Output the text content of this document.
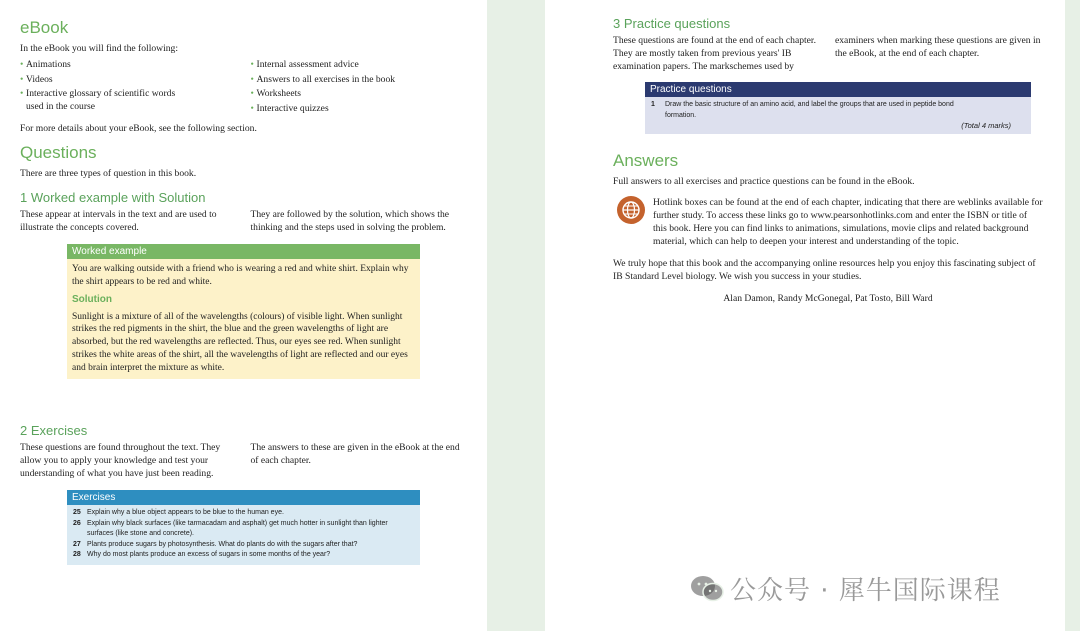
eBook

In the eBook you will find the following:

• Animations
• Videos
• Interactive glossary of scientific words used in the course
• Internal assessment advice
• Answers to all exercises in the book
• Worksheets
• Interactive quizzes

For more details about your eBook, see the following section.

Questions

There are three types of question in this book.

1 Worked example with Solution

These appear at intervals in the text and are used to illustrate the concepts covered.

They are followed by the solution, which shows the thinking and the steps used in solving the problem.

2 Exercises

These questions are found throughout the text. They allow you to apply your knowledge and test your understanding of what you have just been reading.

The answers to these are given in the eBook at the end of each chapter.

Worked example

You are walking outside with a friend who is wearing a red and white shirt. Explain why the shirt appears to be red and white.

Solution

Sunlight is a mixture of all of the wavelengths (colours) of visible light. When sunlight strikes the red pigments in the shirt, the blue and the green wavelengths of light are absorbed, but the red wavelengths are reflected. Thus, our eyes see red. When sunlight strikes the white areas of the shirt, all the wavelengths of light are reflected and our eyes and brain interpret the mixture as white.

Exercises
25 Explain why a blue object appears to be blue to the human eye.
26 Explain why black surfaces (like tarmacadam and asphalt) get much hotter in sunlight than lighter surfaces (like stone and concrete).
27 Plants produce sugars by photosynthesis. What do plants do with the sugars after that?
28 Why do most plants produce an excess of sugars in some months of the year?
3 Practice questions

These questions are found at the end of each chapter. They are mostly taken from previous years' IB examination papers. The markschemes used by

examiners when marking these questions are given in the eBook, at the end of each chapter.

Answers

Full answers to all exercises and practice questions can be found in the eBook.

Hotlink boxes can be found at the end of each chapter, indicating that there are weblinks available for further study. To access these links go to www.pearsonhotlinks.com and enter the ISBN or title of this book. Here you can find links to animations, simulations, movie clips and related background material, which can help to deepen your interest and understanding of the topic.

We truly hope that this book and the accompanying online resources help you enjoy this fascinating subject of IB Standard Level biology. We wish you success in your studies.

Alan Damon, Randy McGonegal, Pat Tosto, Bill Ward

Practice questions
1	Draw the basic structure of an amino acid, and label the groups that are used in peptide bond formation.
(Total 4 marks)
公众号 · 犀牛国际课程
